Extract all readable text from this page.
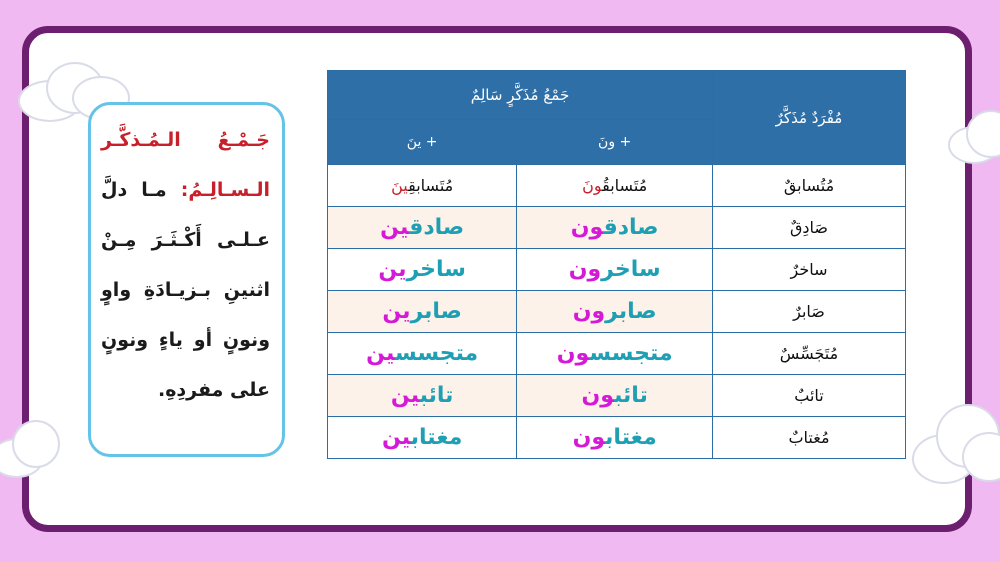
جَـمْـعُ الـمُـذكَّـر
الـسـالِـمُ: مـا دلَّ
عـلـى أَكْـثَـرَ مِـنْ
اثنينِ بـزيـادَةِ واوٍ
ونونٍ أو ياءٍ ونونٍ
على مفردِهِ.
مُفْرَدٌ مُذَكَّرٌ	جَمْعُ مُذَكَّرٍ سَالِمٌ	
	+ ونَ	+ ينَ
مُتُسابقٌ	مُتَسابقُونَ	مُتَسابقِينَ
صَادِقٌ	صادقون	صادقين
ساخرٌ	ساخرون	ساخرين
صَابرٌ	صابرون	صابرين
مُتَجَسِّسٌ	متجسسون	متجسسين
تائبٌ	تائبون	تائبين
مُغتابٌ	مغتابون	مغتابين
